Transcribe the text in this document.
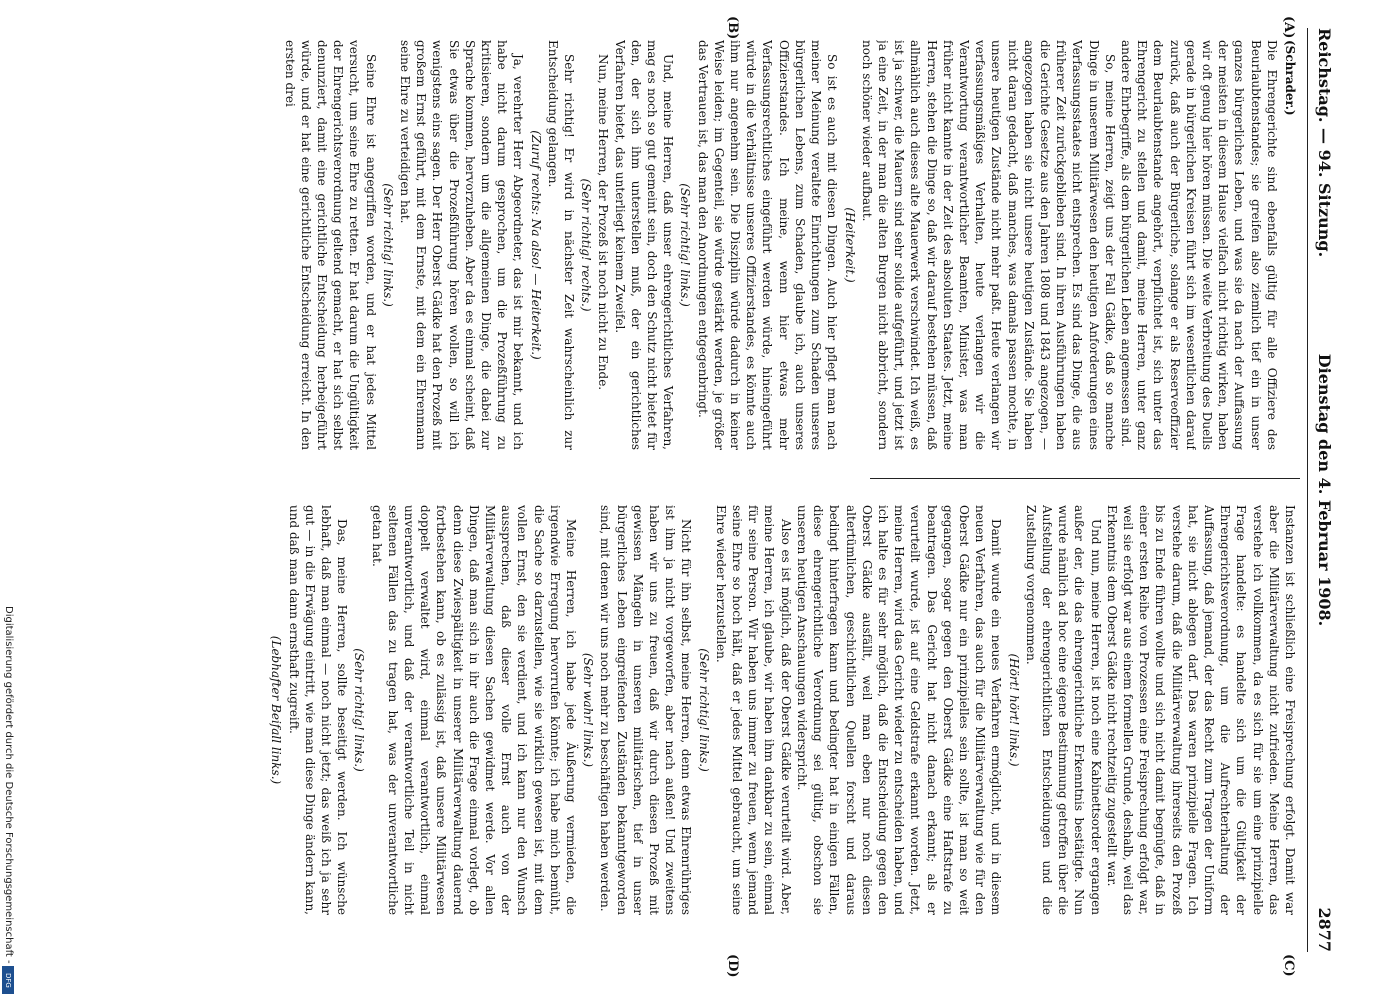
Reichstag. — 94. Sitzung.
Dienstag den 4. Februar 1908.
2877
(A)
(B)
(C)
(D)

(Schrader.)

Die Ehrengerichte sind ebenfalls gültig für alle Offiziere des Beurlaubtenstandes; sie greifen also ziemlich tief ein in unser ganzes bürgerliches Leben, und was sie da nach der Auffassung der meisten in diesem Hause vielfach nicht richtig wirken, haben wir oft genug hier hören müssen. Die weite Verbreitung des Duells gerade in bürgerlichen Kreisen führt sich im wesentlichen darauf zurück, daß auch der Bürgerliche, solange er als Reserveoffizier dem Beurlaubtenstande angehört, verpflichtet ist, sich unter das Ehrengericht zu stellen und damit, meine Herren, unter ganz andere Ehrbegriffe, als dem bürgerlichen Leben angemessen sind.

So, meine Herren, zeigt uns der Fall Gädke, daß so manche Dinge in unserem Militärwesen den heutigen Anforderungen eines Verfassungsstaates nicht entsprechen. Es sind das Dinge, die aus früherer Zeit zurückgeblieben sind. In ihren Ausführungen haben die Gerichte Gesetze aus den Jahren 1808 und 1843 angezogen, — angezogen haben sie nicht unsere heutigen Zustände. Sie haben nicht daran gedacht, daß manches, was damals passen mochte, in unsere heutigen Zustände nicht mehr paßt. Heute verlangen wir verfassungsmäßiges Verhalten, heute verlangen wir die Verantwortung verantwortlicher Beamten, Minister, was man früher nicht kannte in der Zeit des absoluten Staates. Jetzt, meine Herren, stehen die Dinge so, daß wir darauf bestehen müssen, daß allmählich auch dieses alte Mauerwerk verschwindet. Ich weiß, es ist ja schwer, die Mauern sind sehr solide aufgeführt, und jetzt ist ja eine Zeit, in der man die alten Burgen nicht abbricht, sondern noch schöner wieder aufbaut.

(Heiterkeit.)

So ist es auch mit diesen Dingen. Auch hier pflegt man nach meiner Meinung veraltete Einrichtungen zum Schaden unseres bürgerlichen Lebens, zum Schaden, glaube ich, auch unseres Offizierstandes. Ich meine, wenn hier etwas mehr Verfassungsrechtliches eingeführt werden würde, hineingeführt würde in die Verhältnisse unseres Offizierstandes, es könnte auch ihm nur angenehm sein. Die Disziplin würde dadurch in keiner Weise leiden; im Gegenteil, sie würde gestärkt werden, je größer das Vertrauen ist, das man den Anordnungen entgegenbringt.

(Sehr richtig! links.)

Und, meine Herren, daß unser ehrengerichtliches Verfahren, mag es noch so gut gemeint sein, doch den Schutz nicht bietet für den, der sich ihm unterstellen muß, der ein gerichtliches Verfahren bietet, das unterliegt keinem Zweifel.

Nun, meine Herren, der Prozeß ist noch nicht zu Ende.

(Sehr richtig! rechts.)

Sehr richtig! Er wird in nächster Zeit wahrscheinlich zur Entscheidung gelangen.

(Zuruf rechts: Na also! — Heiterkeit.)

Ja, verehrter Herr Abgeordneter, das ist mir bekannt, und ich habe nicht darum gesprochen, um die Prozeßführung zu kritisieren, sondern um die allgemeinen Dinge, die dabei zur Sprache kommen, hervorzuheben. Aber da es einmal scheint, daß Sie etwas über die Prozeßführung hören wollen, so will ich wenigstens eins sagen. Der Herr Oberst Gädke hat den Prozeß mit großem Ernst geführt, mit dem Ernste, mit dem ein Ehrenmann seine Ehre zu verteidigen hat.

(Sehr richtig! links.)

Seine Ehre ist angegriffen worden, und er hat jedes Mittel versucht, um seine Ehre zu retten. Er hat darum die Ungültigkeit der Ehrengerichtsverordnung geltend gemacht, er hat sich selbst denunziert, damit eine gerichtliche Entscheidung herbeigeführt würde, und er hat eine gerichtliche Entscheidung erreicht. In den ersten drei

Instanzen ist schließlich eine Freisprechung erfolgt. Damit war aber die Militärverwaltung nicht zufrieden. Meine Herren, das verstehe ich vollkommen, da es sich für sie um eine prinzipielle Frage handelte: es handelte sich um die Gültigkeit der Ehrengerichtsverordnung, um die Aufrechterhaltung der Auffassung, daß jemand, der das Recht zum Tragen der Uniform hat, sie nicht ablegen darf. Das waren prinzipielle Fragen. Ich verstehe darum, daß die Militärverwaltung ihrerseits den Prozeß bis zu Ende führen wollte und sich nicht damit begnügte, daß in einer ersten Reihe von Prozessen eine Freisprechung erfolgt war, weil sie erfolgt war aus einem formellen Grunde, deshalb, weil das Erkenntnis dem Oberst Gädke nicht rechtzeitig zugestellt war.

Und nun, meine Herren, ist noch eine Kabinettsorder ergangen außer der, die das ehrengerichtliche Erkenntnis bestätigte. Nun wurde nämlich ad hoc eine eigene Bestimmung getroffen über die Aufstellung der ehrengerichtlichen Entscheidungen und die Zustellung vorgenommen.

(Hört! hört! links.)

Damit wurde ein neues Verfahren ermöglicht, und in diesem neuen Verfahren, das auch für die Militärverwaltung wie für den Oberst Gädke nur ein prinzipielles sein sollte, ist man so weit gegangen, sogar gegen den Oberst Gädke eine Haftstrafe zu beantragen. Das Gericht hat nicht danach erkannt; als er verurteilt wurde, ist auf eine Geldstrafe erkannt worden. Jetzt, meine Herren, wird das Gericht wieder zu entscheiden haben, und ich halte es für sehr möglich, daß die Entscheidung gegen den Oberst Gädke ausfällt, weil man eben nur noch diesen altertümlichen, geschichtlichen Quellen forscht und daraus bedingt hinterfragen kann und bedingter hat in einigen Fällen, diese ehrengerichtliche Verordnung sei gültig, obschon sie unseren heutigen Anschauungen widerspricht.

Also es ist möglich, daß der Oberst Gädke verurteilt wird. Aber, meine Herren, ich glaube, wir haben ihm dankbar zu sein, einmal für seine Person. Wir haben uns immer zu freuen, wenn jemand seine Ehre so hoch hält, daß er jedes Mittel gebraucht, um seine Ehre wieder herzustellen.

(Sehr richtig! links.)

Nicht für ihn selbst, meine Herren, denn etwas Ehrenrühriges ist ihm ja nicht vorgeworfen, aber nach außen! Und zweitens haben wir uns zu freuen, daß wir durch diesen Prozeß mit gewissen Mängeln in unseren militärischen, tief in unser bürgerliches Leben eingreifenden Zuständen bekanntgeworden sind, mit denen wir uns noch mehr zu beschäftigen haben werden.

(Sehr wahr! links.)

Meine Herren, ich habe jede Äußerung vermieden, die irgendwie Erregung hervorrufen könnte; ich habe mich bemüht, die Sache so darzustellen, wie sie wirklich gewesen ist, mit dem vollen Ernst, den sie verdient, und ich kann nur den Wunsch aussprechen, daß dieser volle Ernst auch von der Militärverwaltung diesen Sachen gewidmet werde. Vor allen Dingen, daß man sich in ihr auch die Frage einmal vorlegt, ob denn diese Zwiespältigkeit in unserer Militärverwaltung dauernd fortbestehen kann, ob es zulässig ist, daß unsere Militärwesen doppelt verwaltet wird, einmal verantwortlich, einmal unverantwortlich, und daß der verantwortliche Teil in nicht seltenen Fällen das zu tragen hat, was der unverantwortliche getan hat.

(Sehr richtig! links.)

Das, meine Herren, sollte beseitigt werden. Ich wünsche lebhaft, daß man einmal — noch nicht jetzt; das weiß ich ja sehr gut — in die Erwägung eintritt, wie man diese Dinge ändern kann, und daß man dann ernsthaft zugreift.

(Lebhafter Beifall links.)

Digitalisierung gefördert durch die Deutsche Forschungsgemeinschaft -
DFG
